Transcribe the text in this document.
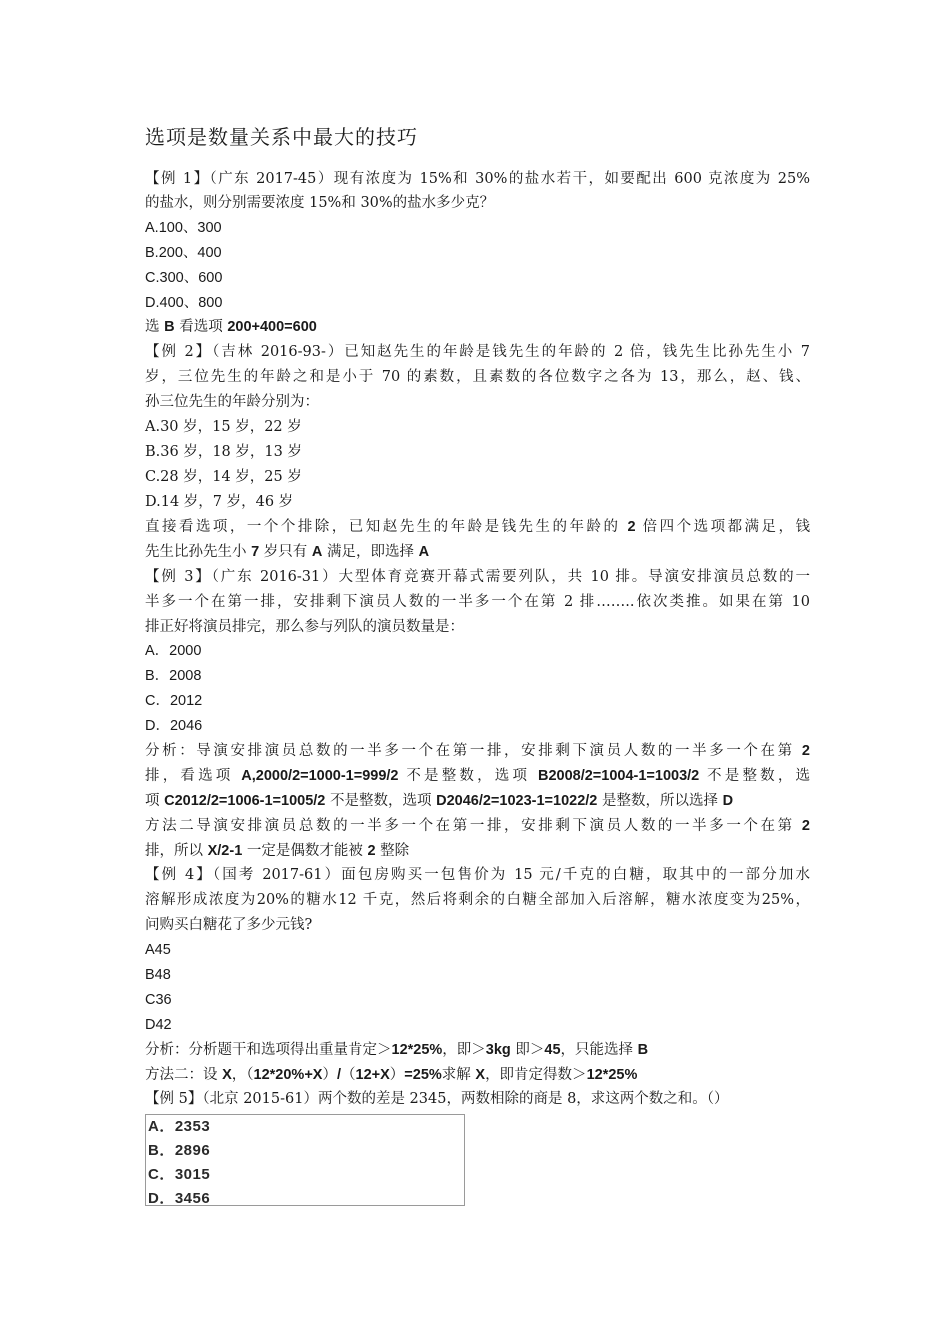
选项是数量关系中最大的技巧
【例 1】（广东 2017-45）现有浓度为 15%和 30%的盐水若干，如要配出 600 克浓度为 25%
的盐水，则分别需要浓度 15%和 30%的盐水多少克？
A.100、300
B.200、400
C.300、600
D.400、800
选 B 看选项 200+400=600
【例 2】（吉林 2016-93-）已知赵先生的年龄是钱先生的年龄的 2 倍，钱先生比孙先生小 7
岁，三位先生的年龄之和是小于 70 的素数，且素数的各位数字之各为 13，那么，赵、钱、
孙三位先生的年龄分别为：
A.30 岁，15 岁，22 岁
B.36 岁，18 岁，13 岁
C.28 岁，14 岁，25 岁
D.14 岁，7 岁，46 岁
直接看选项，一个个排除，已知赵先生的年龄是钱先生的年龄的 2 倍四个选项都满足，钱
先生比孙先生小 7 岁只有 A 满足，即选择 A
【例 3】（广东 2016-31）大型体育竞赛开幕式需要列队，共 10 排。导演安排演员总数的一
半多一个在第一排，安排剩下演员人数的一半多一个在第 2 排……..依次类推。如果在第 10
排正好将演员排完，那么参与列队的演员数量是：
A．2000
B．2008
C．2012
D．2046
分析：导演安排演员总数的一半多一个在第一排，安排剩下演员人数的一半多一个在第 2
排，看选项 A,2000/2=1000-1=999/2 不是整数，选项 B2008/2=1004-1=1003/2 不是整数，选
项 C2012/2=1006-1=1005/2 不是整数，选项 D2046/2=1023-1=1022/2 是整数，所以选择 D
方法二导演安排演员总数的一半多一个在第一排，安排剩下演员人数的一半多一个在第 2
排，所以 X/2-1 一定是偶数才能被 2 整除
【例 4】（国考 2017-61）面包房购买一包售价为 15 元/千克的白糖，取其中的一部分加水
溶解形成浓度为20%的糖水12 千克，然后将剩余的白糖全部加入后溶解，糖水浓度变为25%，
问购买白糖花了多少元钱?
A45
B48
C36
D42
分析：分析题干和选项得出重量肯定＞12*25%，即＞3kg 即＞45，只能选择 B
方法二：设 X，（12*20%+X）/（12+X）=25%求解 X，即肯定得数＞12*25%
【例 5】（北京 2015-61）两个数的差是 2345，两数相除的商是 8，求这两个数之和。（）
A．2353
B．2896
C．3015
D．3456
